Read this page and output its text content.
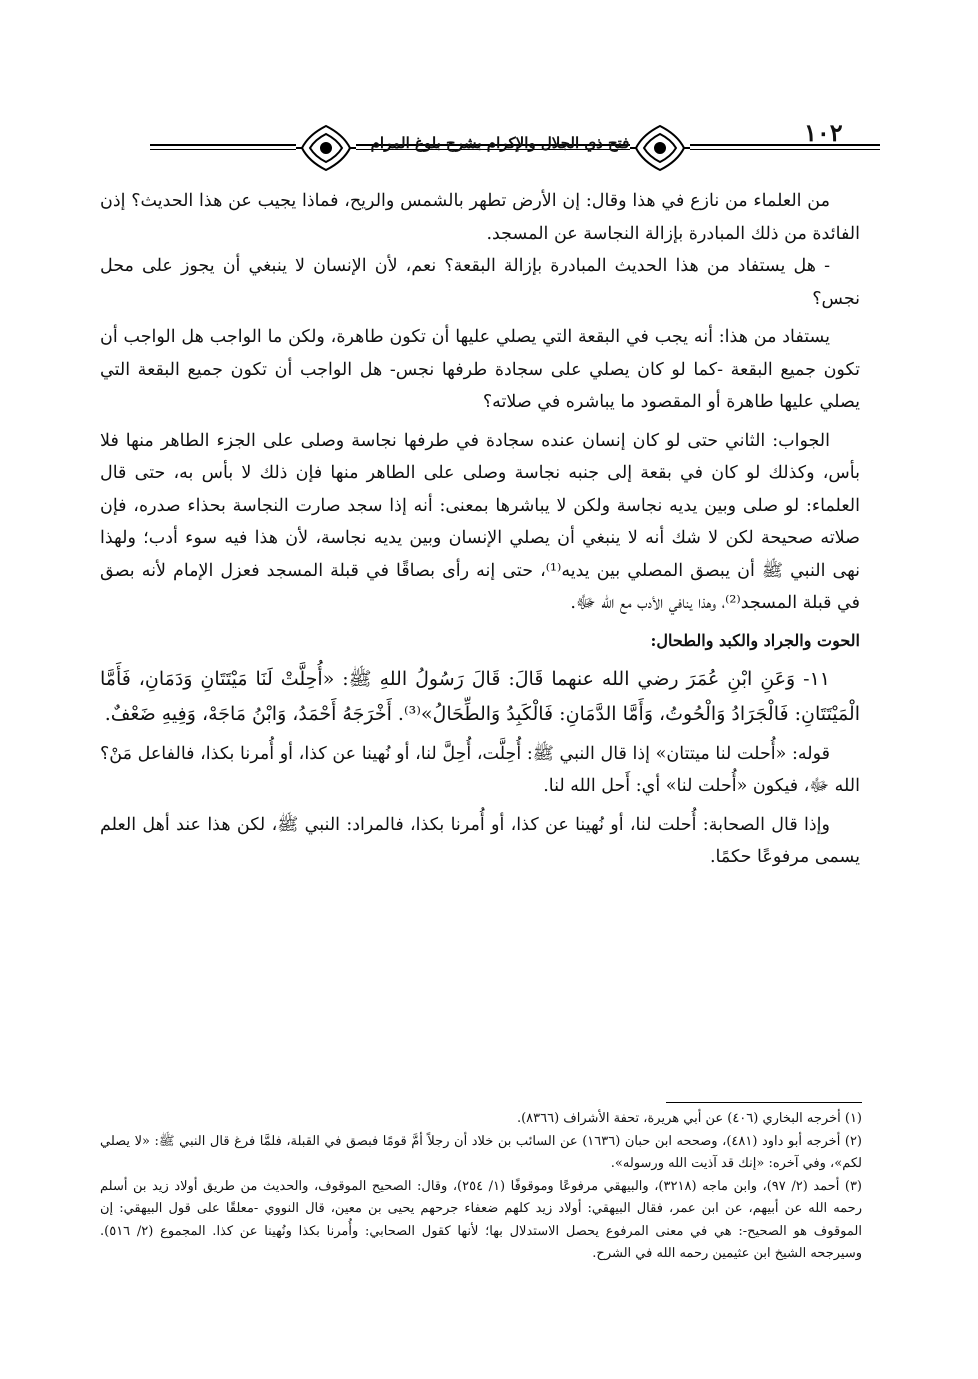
فتح ذي الجلال والإكرام بشرح بلوغ المرام	١٠٢

من العلماء من نازع في هذا وقال: إن الأرض تطهر بالشمس والريح، فماذا يجيب عن هذا الحديث؟ إذن الفائدة من ذلك المبادرة بإزالة النجاسة عن المسجد.

- هل يستفاد من هذا الحديث المبادرة بإزالة البقعة؟ نعم، لأن الإنسان لا ينبغي أن يجوز على محل نجس؟

يستفاد من هذا: أنه يجب في البقعة التي يصلي عليها أن تكون طاهرة، ولكن ما الواجب هل الواجب أن تكون جميع البقعة -كما لو كان يصلي على سجادة طرفها نجس- هل الواجب أن تكون جميع البقعة التي يصلي عليها طاهرة أو المقصود ما يباشره في صلاته؟

الجواب: الثاني حتى لو كان إنسان عنده سجادة في طرفها نجاسة وصلى على الجزء الطاهر منها فلا بأس، وكذلك لو كان في بقعة إلى جنبه نجاسة وصلى على الطاهر منها فإن ذلك لا بأس به، حتى قال العلماء: لو صلى وبين يديه نجاسة ولكن لا يباشرها بمعنى: أنه إذا سجد صارت النجاسة بحذاء صدره، فإن صلاته صحيحة لكن لا شك أنه لا ينبغي أن يصلي الإنسان وبين يديه نجاسة، لأن هذا فيه سوء أدب؛ ولهذا نهى النبي ﷺ أن يبصق المصلي بين يديه⁽¹⁾، حتى إنه رأى بصاقًا في قبلة المسجد فعزل الإمام لأنه بصق في قبلة المسجد⁽²⁾، وهذا ينافي الأدب مع الله ﷻ.

الحوت والجراد والكبد والطحال:

١١- وَعَنِ ابْنِ عُمَرَ رضي الله عنهما قَالَ: قَالَ رَسُولُ اللهِ ﷺ: «أُحِلَّتْ لَنَا مَيْتَتَانِ وَدَمَانِ، فَأَمَّا الْمَيْتَتَانِ: فَالْجَرَادُ وَالْحُوتُ، وَأَمَّا الدَّمَانِ: فَالْكَبِدُ وَالطِّحَالُ»⁽³⁾. أَخْرَجَهُ أَحْمَدُ، وَابْنُ مَاجَهْ، وَفِيهِ ضَعْفٌ.

قوله: «أُحلت لنا ميتتان» إذا قال النبي ﷺ: أُحِلَّت، أُحِلَّ لنا، أو نُهينا عن كذا، أو أُمرنا بكذا، فالفاعل مَنْ؟ الله ﷻ، فيكون «أُحلت لنا» أي: أَحل الله لنا.

وإذا قال الصحابة: أُحلت لنا، أو نُهينا عن كذا، أو أُمرنا بكذا، فالمراد: النبي ﷺ، لكن هذا عند أهل العلم يسمى مرفوعًا حكمًا.

(١) أخرجه البخاري (٤٠٦) عن أبي هريرة، تحفة الأشراف (٨٣٦٦).

(٢) أخرجه أبو داود (٤٨١)، وصححه ابن حبان (١٦٣٦) عن السائب بن خلاد أن رجلاً أمَّ قومًا فبصق في القبلة، فلمَّا فرغ قال النبي ﷺ: «لا يصلي لكم»، وفي آخره: «إنك قد آذيت الله ورسوله».

(٣) أحمد (٢/ ٩٧)، وابن ماجه (٣٢١٨)، والبيهقي مرفوعًا وموقوفًا (١/ ٢٥٤)، وقال: الصحيح الموقوف، والحديث من طريق أولاد زيد بن أسلم رحمه الله عن أبيهم، عن ابن عمر، فقال البيهقي: أولاد زيد كلهم ضعفاء جرحهم يحيى بن معين، قال النووي -معلقًا على قول البيهقي: إن الموقوف هو الصحيح-: هي في معنى المرفوع يحصل الاستدلال بها؛ لأنها كقول الصحابي: وأُمرنا بكذا ونُهينا عن كذا. المجموع (٢/ ٥١٦). وسيرجحه الشيخ ابن عثيمين رحمه الله في الشرح.
